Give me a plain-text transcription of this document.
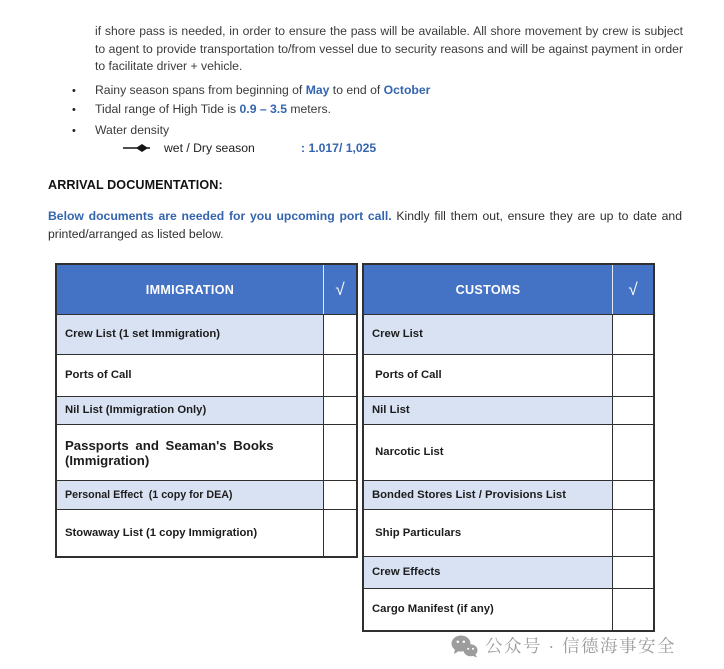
if shore pass is needed, in order to ensure the pass will be available. All shore movement by crew is subject to agent to provide transportation to/from vessel due to security reasons and will be against payment in order to facilitate driver + vehicle.

• Rainy season spans from beginning of May to end of October
• Tidal range of High Tide is 0.9 – 3.5 meters.
• Water density
wet / Dry season	: 1.017/ 1,025
ARRIVAL DOCUMENTATION:

Below documents are needed for you upcoming port call. Kindly fill them out, ensure they are up to date and printed/arranged as listed below.

IMMIGRATION	√
Crew List (1 set Immigration)
Ports of Call
Nil List (Immigration Only)
Passports and Seaman's Books (Immigration)
Personal Effect  (1 copy for DEA)
Stowaway List (1 copy Immigration)
CUSTOMS	√
Crew List
Ports of Call
Nil List
Narcotic List
Bonded Stores List / Provisions List
Ship Particulars
Crew Effects
Cargo Manifest (if any)
公众号 · 信德海事安全
